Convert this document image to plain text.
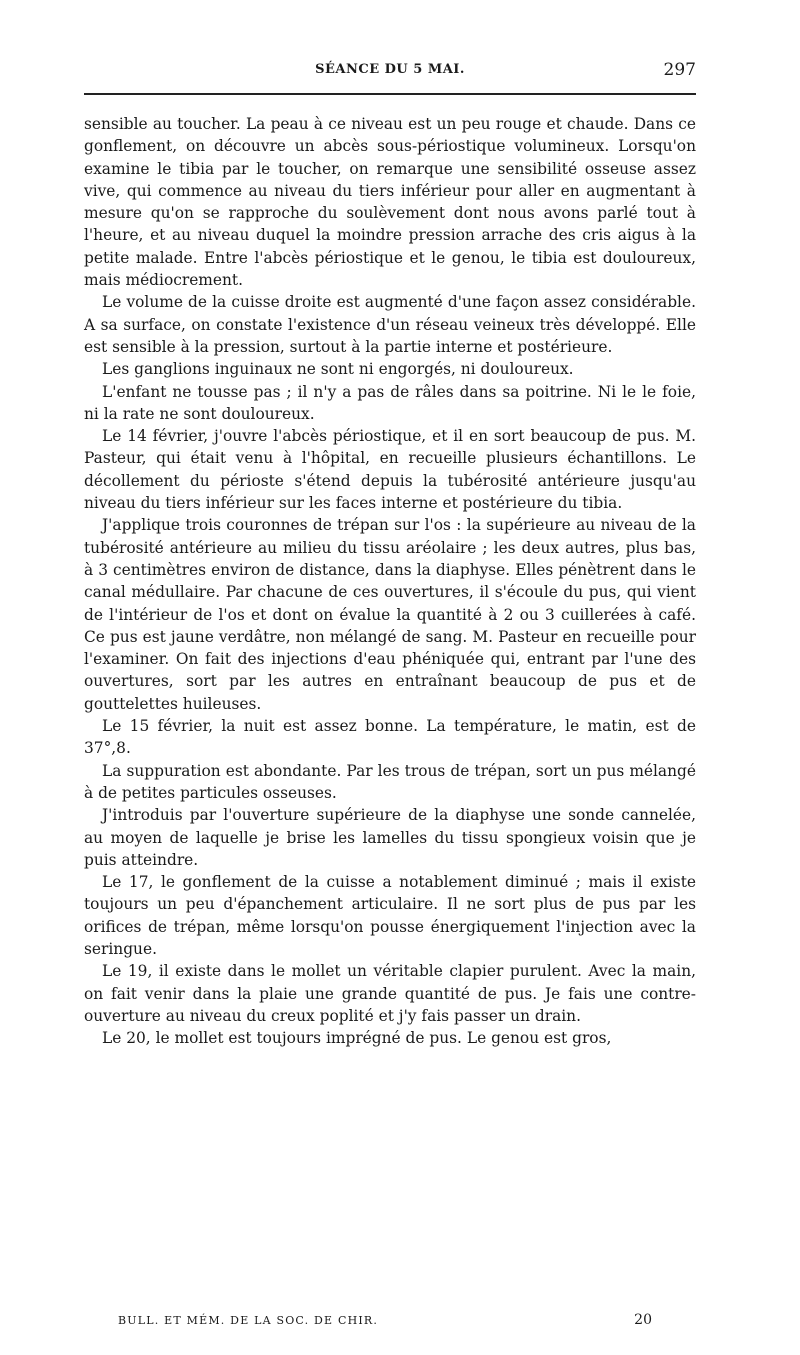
SÉANCE DU 5 MAI.	297

sensible au toucher. La peau à ce niveau est un peu rouge et chaude. Dans ce gonflement, on découvre un abcès sous-périostique volumineux. Lorsqu'on examine le tibia par le toucher, on remarque une sensibilité osseuse assez vive, qui commence au niveau du tiers inférieur pour aller en augmentant à mesure qu'on se rapproche du soulèvement dont nous avons parlé tout à l'heure, et au niveau duquel la moindre pression arrache des cris aigus à la petite malade. Entre l'abcès périostique et le genou, le tibia est douloureux, mais médiocrement.

Le volume de la cuisse droite est augmenté d'une façon assez considérable. A sa surface, on constate l'existence d'un réseau veineux très développé. Elle est sensible à la pression, surtout à la partie interne et postérieure.

Les ganglions inguinaux ne sont ni engorgés, ni douloureux.

L'enfant ne tousse pas ; il n'y a pas de râles dans sa poitrine. Ni le le foie, ni la rate ne sont douloureux.

Le 14 février, j'ouvre l'abcès périostique, et il en sort beaucoup de pus. M. Pasteur, qui était venu à l'hôpital, en recueille plusieurs échantillons. Le décollement du périoste s'étend depuis la tubérosité antérieure jusqu'au niveau du tiers inférieur sur les faces interne et postérieure du tibia.

J'applique trois couronnes de trépan sur l'os : la supérieure au niveau de la tubérosité antérieure au milieu du tissu aréolaire ; les deux autres, plus bas, à 3 centimètres environ de distance, dans la diaphyse. Elles pénètrent dans le canal médullaire. Par chacune de ces ouvertures, il s'écoule du pus, qui vient de l'intérieur de l'os et dont on évalue la quantité à 2 ou 3 cuillerées à café. Ce pus est jaune verdâtre, non mélangé de sang. M. Pasteur en recueille pour l'examiner. On fait des injections d'eau phéniquée qui, entrant par l'une des ouvertures, sort par les autres en entraînant beaucoup de pus et de gouttelettes huileuses.

Le 15 février, la nuit est assez bonne. La température, le matin, est de 37°,8.

La suppuration est abondante. Par les trous de trépan, sort un pus mélangé à de petites particules osseuses.

J'introduis par l'ouverture supérieure de la diaphyse une sonde cannelée, au moyen de laquelle je brise les lamelles du tissu spongieux voisin que je puis atteindre.

Le 17, le gonflement de la cuisse a notablement diminué ; mais il existe toujours un peu d'épanchement articulaire. Il ne sort plus de pus par les orifices de trépan, même lorsqu'on pousse énergiquement l'injection avec la seringue.

Le 19, il existe dans le mollet un véritable clapier purulent. Avec la main, on fait venir dans la plaie une grande quantité de pus. Je fais une contre-ouverture au niveau du creux poplité et j'y fais passer un drain.

Le 20, le mollet est toujours imprégné de pus. Le genou est gros,

BULL. ET MÉM. DE LA SOC. DE CHIR.	20
